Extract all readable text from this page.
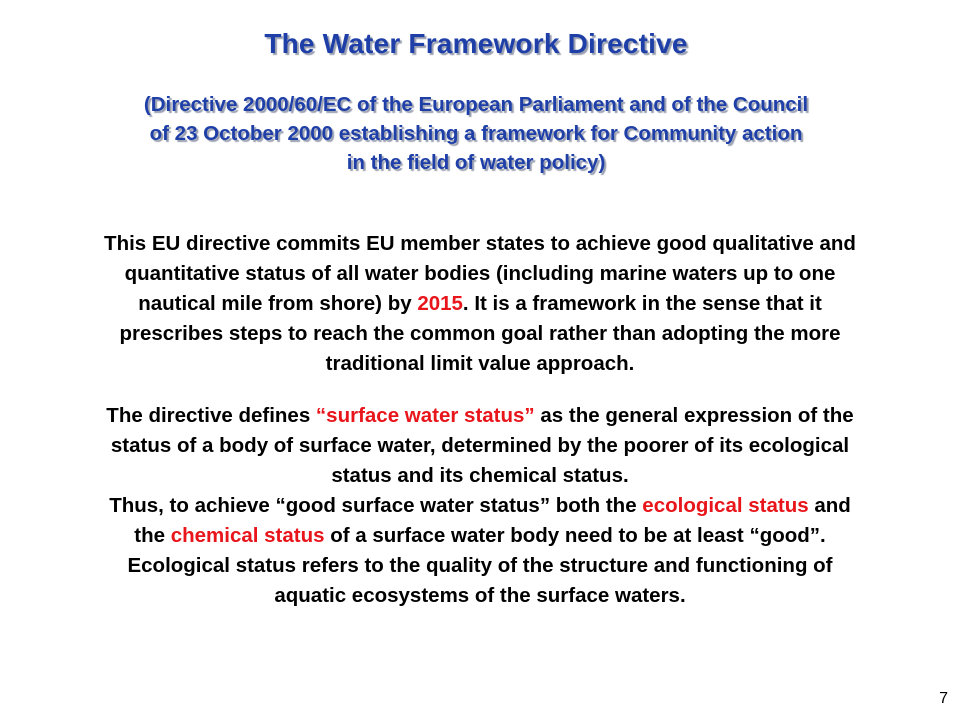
The Water Framework Directive
(Directive 2000/60/EC of the European Parliament and of the Council
of 23 October 2000 establishing a framework for Community action
in the field of water policy)
This EU directive commits EU member states to achieve good qualitative and
quantitative status of all water bodies (including marine waters up to one
nautical mile from shore) by 2015. It is a framework in the sense that it
prescribes steps to reach the common goal rather than adopting the more
traditional limit value approach.
The directive defines “surface water status” as the general expression of the
status of a body of surface water, determined by the poorer of its ecological
status and its chemical status.
Thus, to achieve “good surface water status” both the ecological status and
the chemical status of a surface water body need to be at least “good”.
Ecological status refers to the quality of the structure and functioning of
aquatic ecosystems of the surface waters.
7
